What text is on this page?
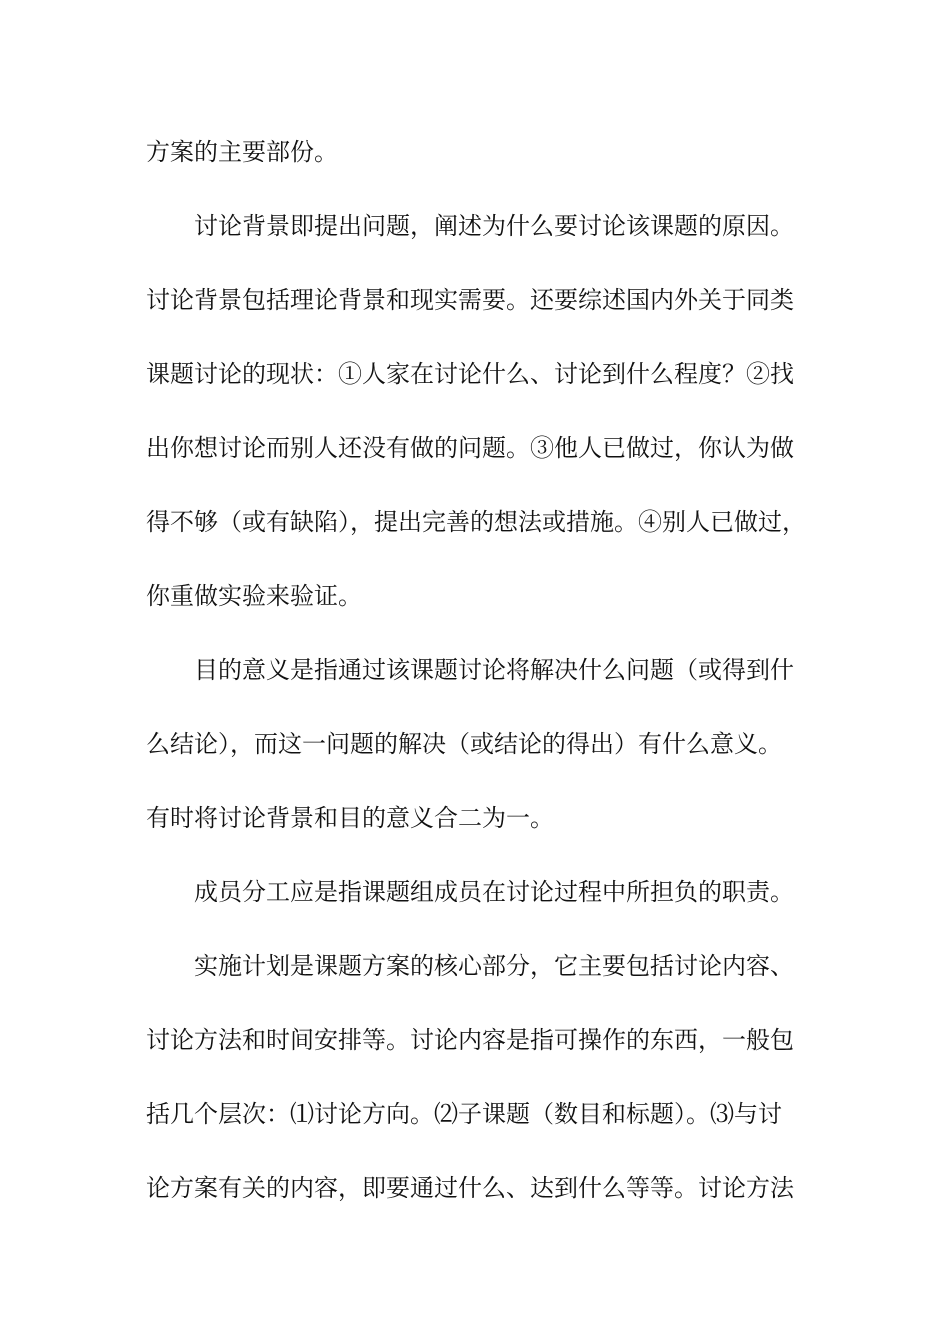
方案的主要部份。
讨论背景即提出问题，阐述为什么要讨论该课题的原因。
讨论背景包括理论背景和现实需要。还要综述国内外关于同类
课题讨论的现状：①人家在讨论什么、讨论到什么程度？②找
出你想讨论而别人还没有做的问题。③他人已做过，你认为做
得不够（或有缺陷），提出完善的想法或措施。④别人已做过，
你重做实验来验证。
目的意义是指通过该课题讨论将解决什么问题（或得到什
么结论），而这一问题的解决（或结论的得出）有什么意义。
有时将讨论背景和目的意义合二为一。
成员分工应是指课题组成员在讨论过程中所担负的职责。
实施计划是课题方案的核心部分，它主要包括讨论内容、
讨论方法和时间安排等。讨论内容是指可操作的东西，一般包
括几个层次：⑴讨论方向。⑵子课题（数目和标题）。⑶与讨
论方案有关的内容，即要通过什么、达到什么等等。讨论方法
